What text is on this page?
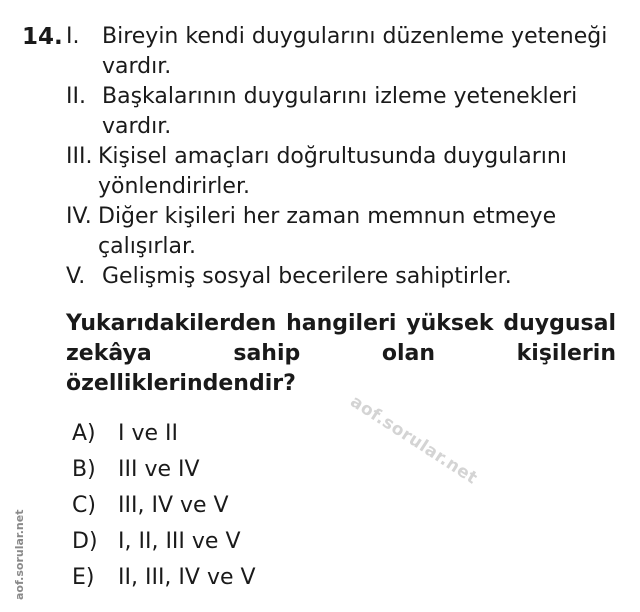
14. I.	Bireyin kendi duygularını düzenleme yeteneği vardır.
II. Başkalarının duygularını izleme yetenekleri vardır.
III. Kişisel amaçları doğrultusunda duygularını yönlendirirler.
IV. Diğer kişileri her zaman memnun etmeye çalışırlar.
V. Gelişmiş sosyal becerilere sahiptirler.
Yukarıdakilerden hangileri yüksek duygusal zekâya sahip olan kişilerin özelliklerindendir?
A)	I ve II
B)	III ve IV
C)	III, IV ve V
D) I, II, III ve V
E)	II, III, IV ve V
aof.sorular.net
aof.sorular.net
